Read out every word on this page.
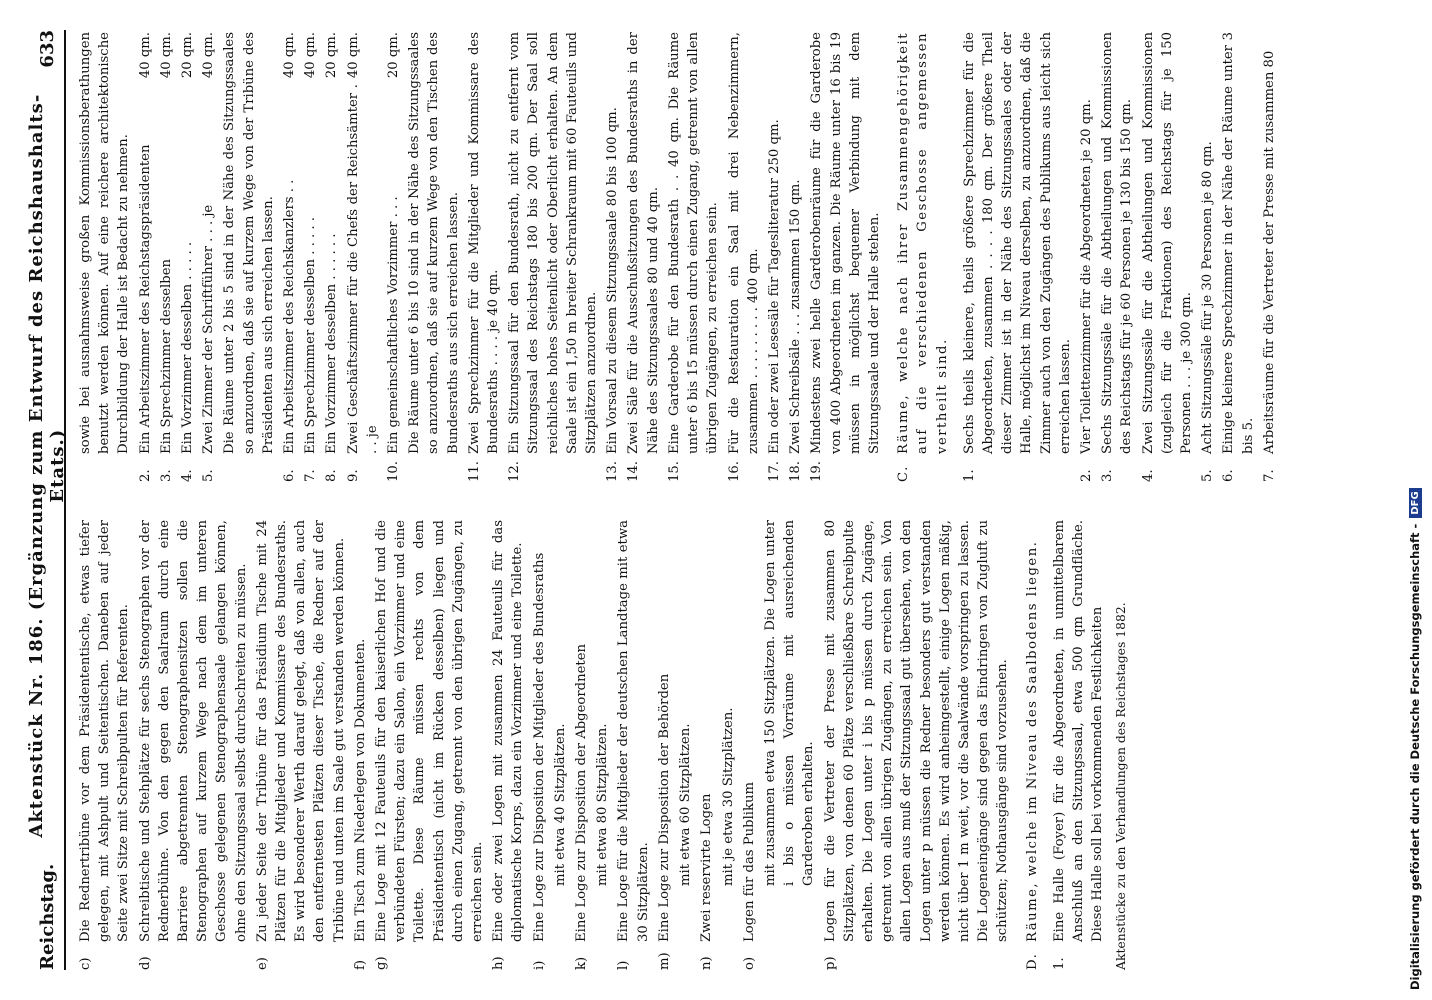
Reichstag.
Aktenstück Nr. 186. (Ergänzung zum Entwurf des Reichshaushalts-Etats.)
633
c)
Die Rednertribüne vor dem Präsidententische, etwas tiefer gelegen, mit Ashpult und Seitentischen. Daneben auf jeder Seite zwei Sitze mit Schreibpulten für Referenten.
d)
Schreibtische und Stehplätze für sechs Stenographen vor der Rednerbühne. Von den gegen den Saalraum durch eine Barriere abgetrennten Stenographensitzen sollen die Stenographen auf kurzem Wege nach dem im unteren Geschosse gelegenen Stenographensaale gelangen können, ohne den Sitzungssaal selbst durchschreiten zu müssen.
e)
Zu jeder Seite der Tribüne für das Präsidium Tische mit 24 Plätzen für die Mitglieder und Kommissare des Bundesraths. Es wird besonderer Werth darauf gelegt, daß von allen, auch den entferntesten Plätzen dieser Tische, die Redner auf der Tribüne und unten im Saale gut verstanden werden können.
f)
Ein Tisch zum Niederlegen von Dokumenten.
g)
Eine Loge mit 12 Fauteuils für den kaiserlichen Hof und die verbündeten Fürsten; dazu ein Salon, ein Vorzimmer und eine Toilette. Diese Räume müssen rechts von dem Präsidententisch (nicht im Rücken desselben) liegen und durch einen Zugang, getrennt von den übrigen Zugängen, zu erreichen sein.
h)
Eine oder zwei Logen mit zusammen 24 Fauteuils für das diplomatische Korps, dazu ein Vorzimmer und eine Toilette.
i)
Eine Loge zur Disposition der Mitglieder des Bundesraths mit etwa 40 Sitzplätzen.
k)
Eine Loge zur Disposition der Abgeordneten mit etwa 80 Sitzplätzen.
l)
Eine Loge für die Mitglieder der deutschen Landtage mit etwa 30 Sitzplätzen.
m)
Eine Loge zur Disposition der Behörden mit etwa 60 Sitzplätzen.
n)
Zwei reservirte Logen mit je etwa 30 Sitzplätzen.
o)
Logen für das Publikum mit zusammen etwa 150 Sitzplätzen. Die Logen unter i bis o müssen Vorräume mit ausreichenden Garderoben erhalten.
p)
Logen für die Vertreter der Presse mit zusammen 80 Sitzplätzen, von denen 60 Plätze verschließbare Schreibpulte erhalten. Die Logen unter i bis p müssen durch Zugänge, getrennt von allen übrigen Zugängen, zu erreichen sein. Von allen Logen aus muß der Sitzungssaal gut übersehen, von den Logen unter p müssen die Redner besonders gut verstanden werden können. Es wird anheimgestellt, einige Logen mäßig, nicht über 1 m weit, vor die Saalwände vorspringen zu lassen. Die Logeneingänge sind gegen das Eindringen von Zugluft zu schützen; Nothausgänge sind vorzusehen.
D.
Räume, welche im Niveau des Saalbodens liegen.
1.
Eine Halle (Foyer) für die Abgeordneten, in unmittelbarem Anschluß an den Sitzungssaal, etwa 500 qm Grundfläche. Diese Halle soll bei vorkommenden Festlichkeiten Aktenstücke zu den Verhandlungen des Reichstages 1882.
sowie bei ausnahmsweise großen Kommissionsberathungen benutzt werden können. Auf eine reichere architektonische Durchbildung der Halle ist Bedacht zu nehmen.
2.
Ein Arbeitszimmer des Reichstagspräsidenten
40 qm.
3.
Ein Sprechzimmer desselben
40 qm.
4.
Ein Vorzimmer desselben . . . . .
20 qm.
5.
Zwei Zimmer der Schriftführer . . . je
40 qm. Die Räume unter 2 bis 5 sind in der Nähe des Sitzungssaales so anzuordnen, daß sie auf kurzem Wege von der Tribüne des Präsidenten aus sich erreichen lassen.
6.
Ein Arbeitszimmer des Reichskanzlers . .
40 qm.
7.
Ein Sprechzimmer desselben . . . . .
40 qm.
8.
Ein Vorzimmer desselben . . . . . .
20 qm.
9.
Zwei Geschäftszimmer für die Chefs der Reichsämter . . . je
40 qm.
10.
Ein gemeinschaftliches Vorzimmer . . .
20 qm. Die Räume unter 6 bis 10 sind in der Nähe des Sitzungssaales so anzuordnen, daß sie auf kurzem Wege von den Tischen des Bundesraths aus sich erreichen lassen.
11.
Zwei Sprechzimmer für die Mitglieder und Kommissare des Bundesraths . . . . je 40 qm.
12.
Ein Sitzungssaal für den Bundesrath, nicht zu entfernt vom Sitzungssaal des Reichstags 180 bis 200 qm. Der Saal soll reichliches hohes Seitenlicht oder Oberlicht erhalten. An dem Saale ist ein 1,50 m breiter Schrankraum mit 60 Fauteuils und Sitzplätzen anzuordnen.
13.
Ein Vorsaal zu diesem Sitzungssaale 80 bis 100 qm.
14.
Zwei Säle für die Ausschußsitzungen des Bundesraths in der Nähe des Sitzungssaales 80 und 40 qm.
15.
Eine Garderobe für den Bundesrath . . 40 qm. Die Räume unter 6 bis 15 müssen durch einen Zugang, getrennt von allen übrigen Zugängen, zu erreichen sein.
16.
Für die Restauration ein Saal mit drei Nebenzimmern, zusammen . . . . . . . . . 400 qm.
17.
Ein oder zwei Lesesäle für Tagesliteratur 250 qm.
18.
Zwei Schreibsäle . . . zusammen 150 qm.
19.
Mindestens zwei helle Garderobenräume für die Garderobe von 400 Abgeordneten im ganzen. Die Räume unter 16 bis 19 müssen in möglichst bequemer Verbindung mit dem Sitzungssaale und der Halle stehen.
C.
Räume, welche nach ihrer Zusammengehörigkeit auf die verschiedenen Geschosse angemessen vertheilt sind.
1.
Sechs theils kleinere, theils größere Sprechzimmer für die Abgeordneten, zusammen . . . . 180 qm. Der größere Theil dieser Zimmer ist in der Nähe des Sitzungssaales oder der Halle, möglichst im Niveau derselben, zu anzuordnen, daß die Zimmer auch von den Zugängen des Publikums aus leicht sich erreichen lassen.
2.
Vier Toilettenzimmer für die Abgeordneten je 20 qm.
3.
Sechs Sitzungssäle für die Abtheilungen und Kommissionen des Reichstags für je 60 Personen je 130 bis 150 qm.
4.
Zwei Sitzungssäle für die Abtheilungen und Kommissionen (zugleich für die Fraktionen) des Reichstags für je 150 Personen . . . je 300 qm.
5.
Acht Sitzungssäle für je 30 Personen je 80 qm.
6.
Einige kleinere Sprechzimmer in der Nähe der Räume unter 3 bis 5.
7.
Arbeitsräume für die Vertreter der Presse mit zusammen 80
Digitalisierung gefördert durch die Deutsche Forschungsgemeinschaft -
DFG
